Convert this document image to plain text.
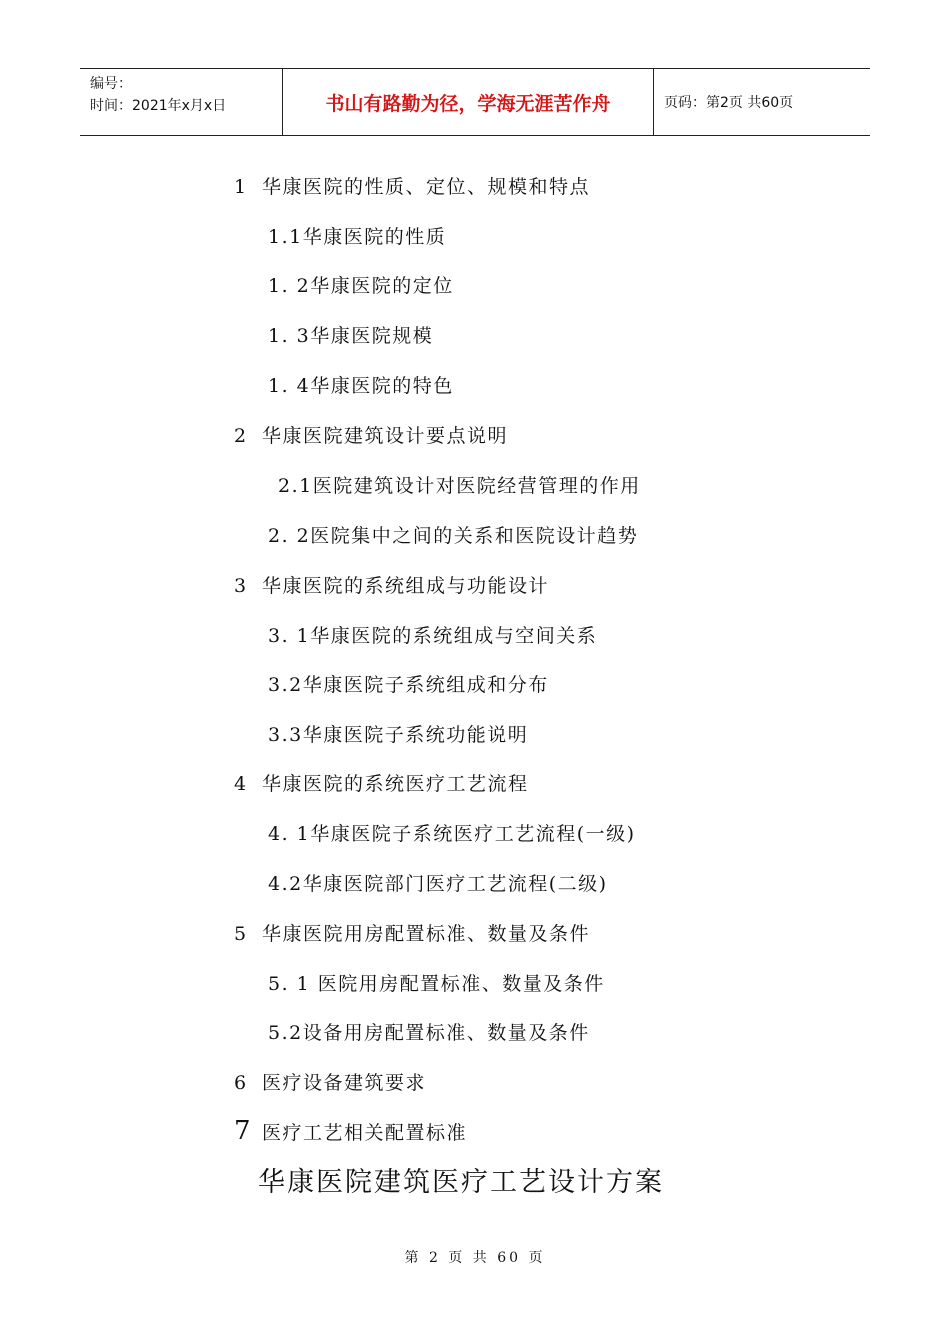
编号：
时间：2021年x月x日	书山有路勤为径，学海无涯苦作舟	页码：第2页 共60页
1 华康医院的性质、定位、规模和特点
1.1华康医院的性质
1. 2华康医院的定位
1. 3华康医院规模
1. 4华康医院的特色
2 华康医院建筑设计要点说明
2.1医院建筑设计对医院经营管理的作用
2. 2医院集中之间的关系和医院设计趋势
3 华康医院的系统组成与功能设计
3. 1华康医院的系统组成与空间关系
3.2华康医院子系统组成和分布
3.3华康医院子系统功能说明
4 华康医院的系统医疗工艺流程
4. 1华康医院子系统医疗工艺流程(一级)
4.2华康医院部门医疗工艺流程(二级)
5 华康医院用房配置标准、数量及条件
5. 1 医院用房配置标准、数量及条件
5.2设备用房配置标准、数量及条件
6 医疗设备建筑要求
7 医疗工艺相关配置标准
华康医院建筑医疗工艺设计方案
第 2 页 共 60 页
